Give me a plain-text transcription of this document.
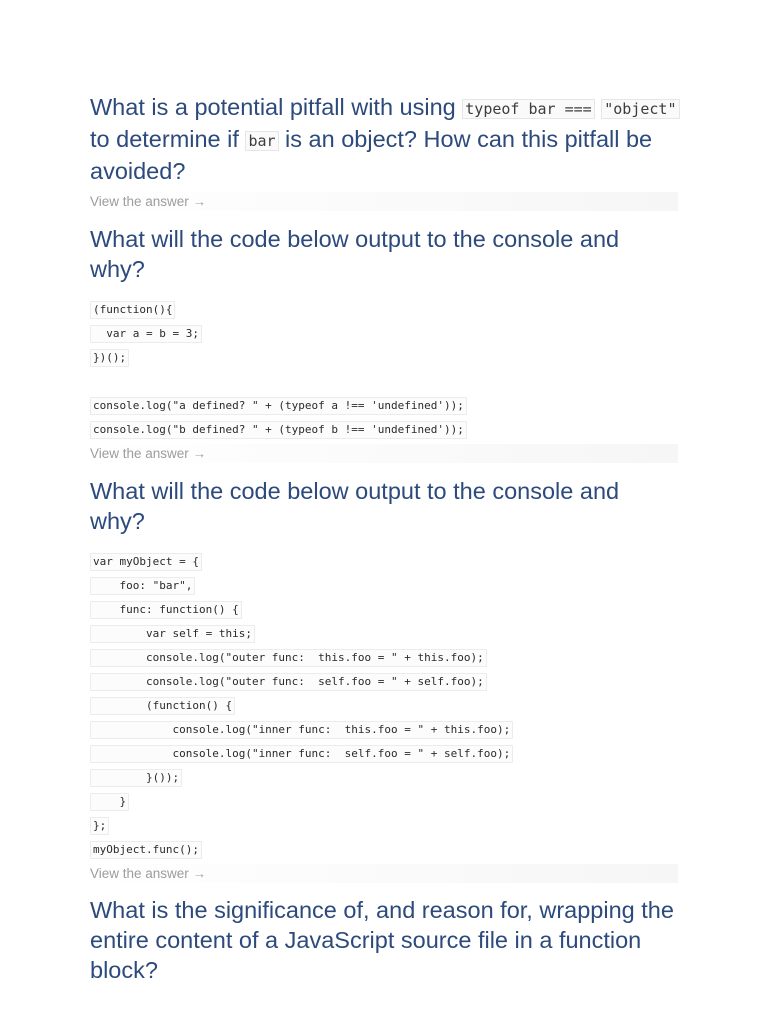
What is a potential pitfall with using typeof bar === "object" to determine if bar is an object? How can this pitfall be avoided?
View the answer →
What will the code below output to the console and why?
(function(){
var a = b = 3;
})();
console.log("a defined? " + (typeof a !== 'undefined'));
console.log("b defined? " + (typeof b !== 'undefined'));
View the answer →
What will the code below output to the console and why?
var myObject = {
foo: "bar",
func: function() {
var self = this;
console.log("outer func:  this.foo = " + this.foo);
console.log("outer func:  self.foo = " + self.foo);
(function() {
console.log("inner func:  this.foo = " + this.foo);
console.log("inner func:  self.foo = " + self.foo);
}());
}
};
myObject.func();
View the answer →
What is the significance of, and reason for, wrapping the entire content of a JavaScript source file in a function block?
